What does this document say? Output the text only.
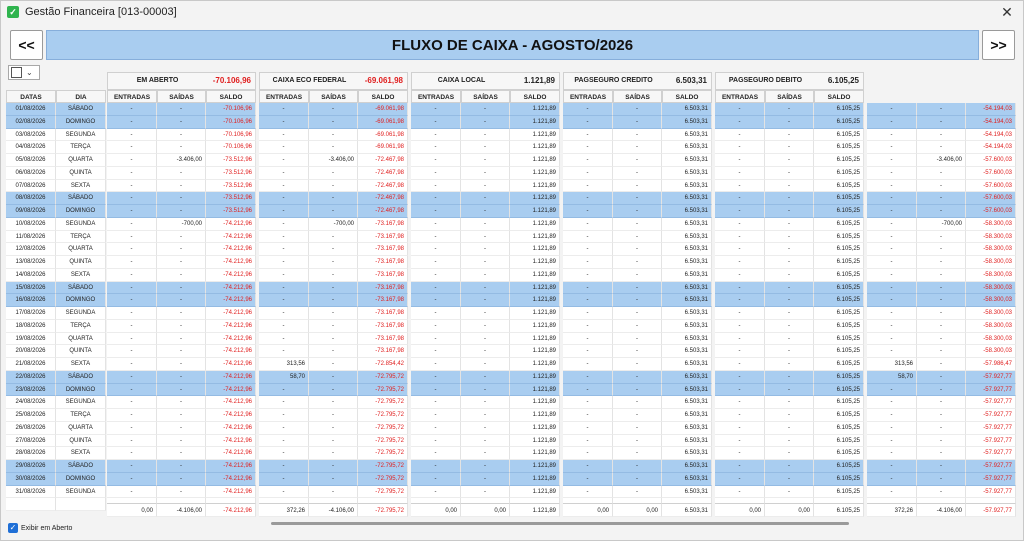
✓ Gestão Financeira [013-00003]	✕
<<	FLUXO DE CAIXA - AGOSTO/2026	>>
⌄
DATAS	DIA
EM ABERTO	-70.106,96
ENTRADAS	SAÍDAS	SALDO
CAIXA ECO FEDERAL	-69.061,98
ENTRADAS	SAÍDAS	SALDO
CAIXA LOCAL	1.121,89
ENTRADAS	SAÍDAS	SALDO
PAGSEGURO CREDITO	6.503,31
ENTRADAS	SAÍDAS	SALDO
PAGSEGURO DEBITO	6.105,25
ENTRADAS	SAÍDAS	SALDO
01/08/2026	SÁBADO	-	-	-70.106,96	-	-	-69.061,98	-	-	1.121,89	-	-	6.503,31	-	-	6.105,25	-	-	-54.194,03
02/08/2026	DOMINGO	-	-	-70.106,96	-	-	-69.061,98	-	-	1.121,89	-	-	6.503,31	-	-	6.105,25	-	-	-54.194,03
03/08/2026	SEGUNDA	-	-	-70.106,96	-	-	-69.061,98	-	-	1.121,89	-	-	6.503,31	-	-	6.105,25	-	-	-54.194,03
04/08/2026	TERÇA	-	-	-70.106,96	-	-	-69.061,98	-	-	1.121,89	-	-	6.503,31	-	-	6.105,25	-	-	-54.194,03
05/08/2026	QUARTA	-	-3.406,00	-73.512,96	-	-3.406,00	-72.467,98	-	-	1.121,89	-	-	6.503,31	-	-	6.105,25	-	-3.406,00	-57.600,03
06/08/2026	QUINTA	-	-	-73.512,96	-	-	-72.467,98	-	-	1.121,89	-	-	6.503,31	-	-	6.105,25	-	-	-57.600,03
07/08/2026	SEXTA	-	-	-73.512,96	-	-	-72.467,98	-	-	1.121,89	-	-	6.503,31	-	-	6.105,25	-	-	-57.600,03
08/08/2026	SÁBADO	-	-	-73.512,96	-	-	-72.467,98	-	-	1.121,89	-	-	6.503,31	-	-	6.105,25	-	-	-57.600,03
09/08/2026	DOMINGO	-	-	-73.512,96	-	-	-72.467,98	-	-	1.121,89	-	-	6.503,31	-	-	6.105,25	-	-	-57.600,03
10/08/2026	SEGUNDA	-	-700,00	-74.212,96	-	-700,00	-73.167,98	-	-	1.121,89	-	-	6.503,31	-	-	6.105,25	-	-700,00	-58.300,03
11/08/2026	TERÇA	-	-	-74.212,96	-	-	-73.167,98	-	-	1.121,89	-	-	6.503,31	-	-	6.105,25	-	-	-58.300,03
12/08/2026	QUARTA	-	-	-74.212,96	-	-	-73.167,98	-	-	1.121,89	-	-	6.503,31	-	-	6.105,25	-	-	-58.300,03
13/08/2026	QUINTA	-	-	-74.212,96	-	-	-73.167,98	-	-	1.121,89	-	-	6.503,31	-	-	6.105,25	-	-	-58.300,03
14/08/2026	SEXTA	-	-	-74.212,96	-	-	-73.167,98	-	-	1.121,89	-	-	6.503,31	-	-	6.105,25	-	-	-58.300,03
15/08/2026	SÁBADO	-	-	-74.212,96	-	-	-73.167,98	-	-	1.121,89	-	-	6.503,31	-	-	6.105,25	-	-	-58.300,03
16/08/2026	DOMINGO	-	-	-74.212,96	-	-	-73.167,98	-	-	1.121,89	-	-	6.503,31	-	-	6.105,25	-	-	-58.300,03
17/08/2026	SEGUNDA	-	-	-74.212,96	-	-	-73.167,98	-	-	1.121,89	-	-	6.503,31	-	-	6.105,25	-	-	-58.300,03
18/08/2026	TERÇA	-	-	-74.212,96	-	-	-73.167,98	-	-	1.121,89	-	-	6.503,31	-	-	6.105,25	-	-	-58.300,03
19/08/2026	QUARTA	-	-	-74.212,96	-	-	-73.167,98	-	-	1.121,89	-	-	6.503,31	-	-	6.105,25	-	-	-58.300,03
20/08/2026	QUINTA	-	-	-74.212,96	-	-	-73.167,98	-	-	1.121,89	-	-	6.503,31	-	-	6.105,25	-	-	-58.300,03
21/08/2026	SEXTA	-	-	-74.212,96	313,56	-	-72.854,42	-	-	1.121,89	-	-	6.503,31	-	-	6.105,25	313,56	-	-57.986,47
22/08/2026	SÁBADO	-	-	-74.212,96	58,70	-	-72.795,72	-	-	1.121,89	-	-	6.503,31	-	-	6.105,25	58,70	-	-57.927,77
23/08/2026	DOMINGO	-	-	-74.212,96	-	-	-72.795,72	-	-	1.121,89	-	-	6.503,31	-	-	6.105,25	-	-	-57.927,77
24/08/2026	SEGUNDA	-	-	-74.212,96	-	-	-72.795,72	-	-	1.121,89	-	-	6.503,31	-	-	6.105,25	-	-	-57.927,77
25/08/2026	TERÇA	-	-	-74.212,96	-	-	-72.795,72	-	-	1.121,89	-	-	6.503,31	-	-	6.105,25	-	-	-57.927,77
26/08/2026	QUARTA	-	-	-74.212,96	-	-	-72.795,72	-	-	1.121,89	-	-	6.503,31	-	-	6.105,25	-	-	-57.927,77
27/08/2026	QUINTA	-	-	-74.212,96	-	-	-72.795,72	-	-	1.121,89	-	-	6.503,31	-	-	6.105,25	-	-	-57.927,77
28/08/2026	SEXTA	-	-	-74.212,96	-	-	-72.795,72	-	-	1.121,89	-	-	6.503,31	-	-	6.105,25	-	-	-57.927,77
29/08/2026	SÁBADO	-	-	-74.212,96	-	-	-72.795,72	-	-	1.121,89	-	-	6.503,31	-	-	6.105,25	-	-	-57.927,77
30/08/2026	DOMINGO	-	-	-74.212,96	-	-	-72.795,72	-	-	1.121,89	-	-	6.503,31	-	-	6.105,25	-	-	-57.927,77
31/08/2026	SEGUNDA	-	-	-74.212,96	-	-	-72.795,72	-	-	1.121,89	-	-	6.503,31	-	-	6.105,25	-	-	-57.927,77
0,00	-4.106,00	-74.212,96	372,26	-4.106,00	-72.795,72	0,00	0,00	1.121,89	0,00	0,00	6.503,31	0,00	0,00	6.105,25	372,26	-4.106,00	-57.927,77
✓ Exibir em Aberto
